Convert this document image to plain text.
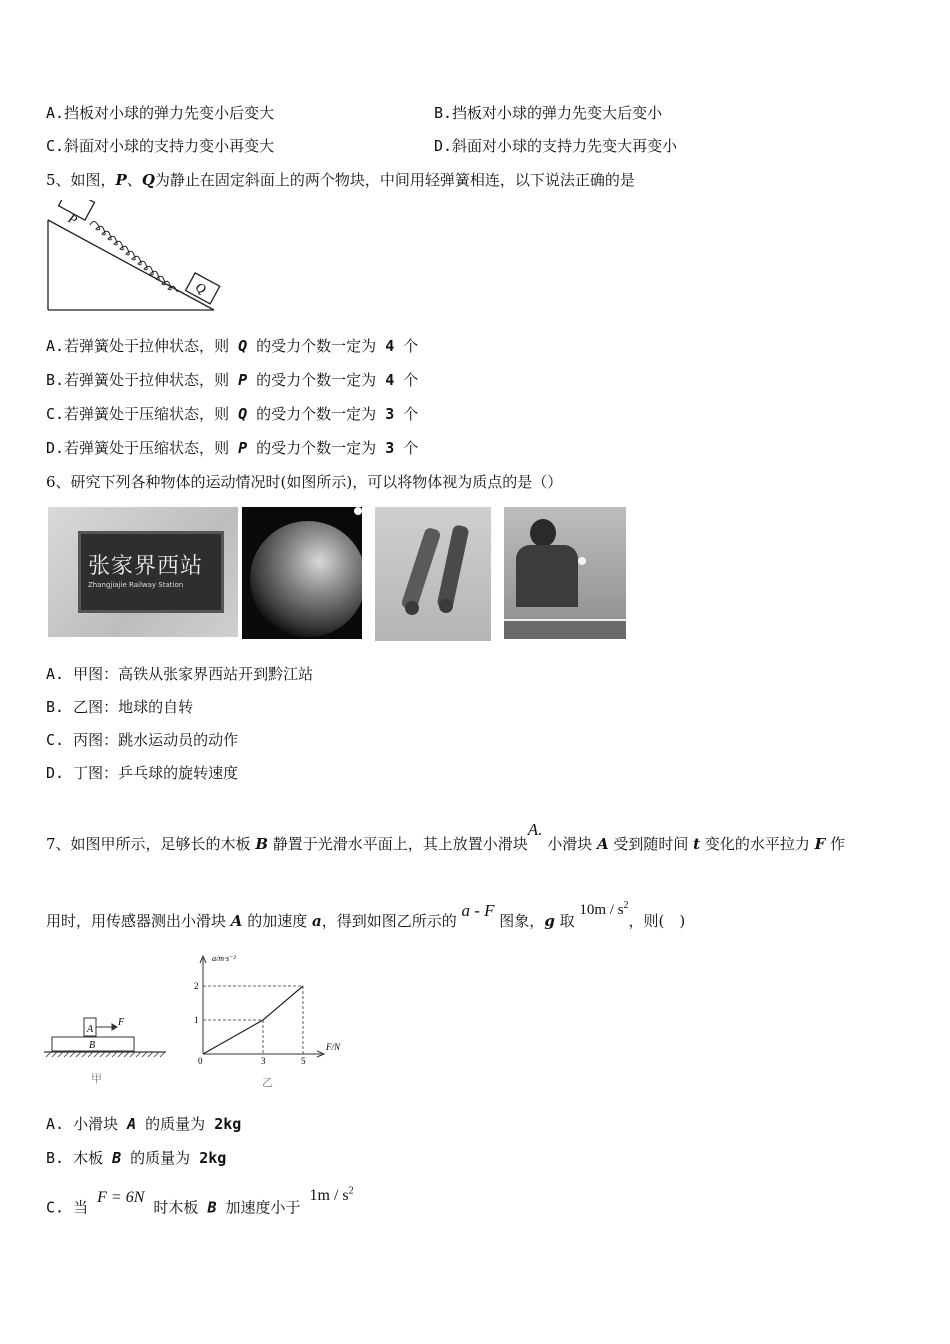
A.挡板对小球的弹力先变小后变大	B.挡板对小球的弹力先变大后变小
C.斜面对小球的支持力变小再变大	D.斜面对小球的支持力先变大再变小
5、如图，P、Q为静止在固定斜面上的两个物块，中间用轻弹簧相连，以下说法正确的是
P
Q
A.若弹簧处于拉伸状态，则 Q 的受力个数一定为 4 个
B.若弹簧处于拉伸状态，则 P 的受力个数一定为 4 个
C.若弹簧处于压缩状态，则 Q 的受力个数一定为 3 个
D.若弹簧处于压缩状态，则 P 的受力个数一定为 3 个
6、研究下列各种物体的运动情况时(如图所示)，可以将物体视为质点的是（）
张家界西站
Zhangjiajie Railway Station
A. 甲图：高铁从张家界西站开到黔江站
B. 乙图：地球的自转
C. 丙图：跳水运动员的动作
D. 丁图：乒乓球的旋转速度
7、如图甲所示，足够长的木板 B 静置于光滑水平面上，其上放置小滑块A. 小滑块 A 受到随时间 t 变化的水平拉力 F 作
用时，用传感器测出小滑块 A 的加速度 a，得到如图乙所示的 a - F 图象，g 取 $10m / s^2$，则(　)
A
F
B
甲
a/m·s⁻²
F/N
1
2
3	5
0
乙
A. 小滑块 A 的质量为 2kg
B. 木板 B 的质量为 2kg
C. 当 F = 6N 时木板 B 加速度小于 $1m / s^2$
